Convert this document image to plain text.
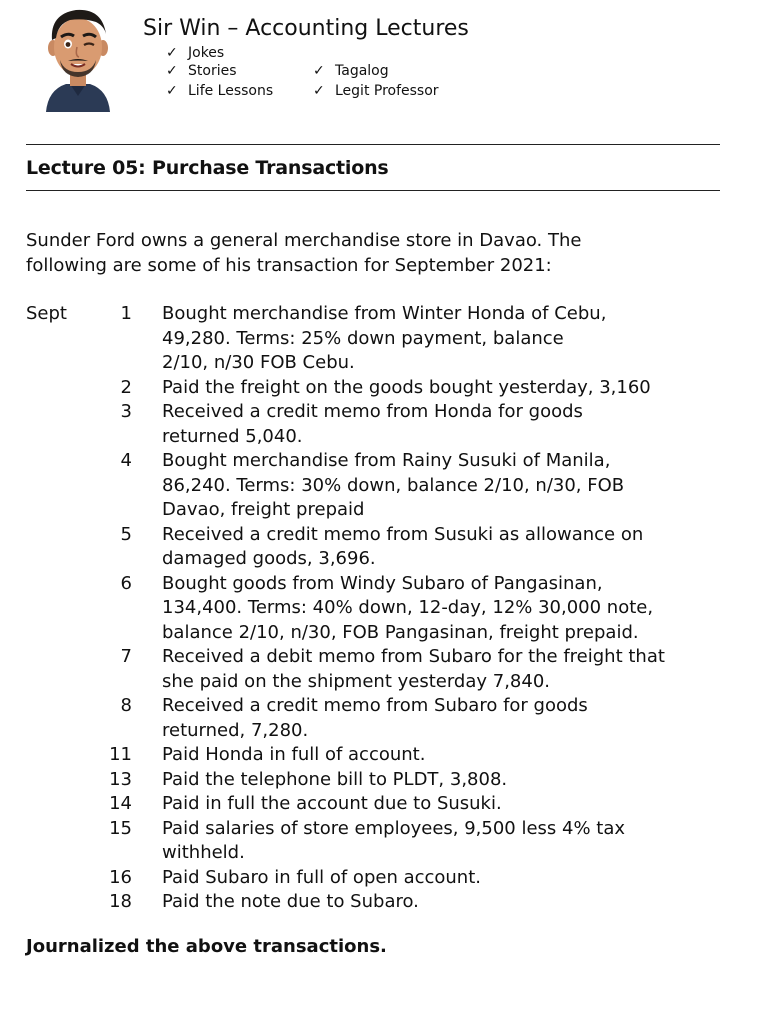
Sir Win – Accounting Lectures
✓ Jokes
✓ Stories
✓ Life Lessons
✓ Tagalog
✓ Legit Professor
Lecture 05: Purchase Transactions
Sunder Ford owns a general merchandise store in Davao. The
following are some of his transaction for September 2021:
Sept	1 Bought merchandise from Winter Honda of Cebu,
49,280. Terms: 25% down payment, balance
2/10, n/30 FOB Cebu.
2 Paid the freight on the goods bought yesterday, 3,160
3 Received a credit memo from Honda for goods
returned 5,040.
4 Bought merchandise from Rainy Susuki of Manila,
86,240. Terms: 30% down, balance 2/10, n/30, FOB
Davao, freight prepaid
5 Received a credit memo from Susuki as allowance on
damaged goods, 3,696.
6 Bought goods from Windy Subaro of Pangasinan,
134,400. Terms: 40% down, 12-day, 12% 30,000 note,
balance 2/10, n/30, FOB Pangasinan, freight prepaid.
7 Received a debit memo from Subaro for the freight that
she paid on the shipment yesterday 7,840.
8 Received a credit memo from Subaro for goods
returned, 7,280.
11 Paid Honda in full of account.
13 Paid the telephone bill to PLDT, 3,808.
14 Paid in full the account due to Susuki.
15 Paid salaries of store employees, 9,500 less 4% tax
withheld.
16 Paid Subaro in full of open account.
18 Paid the note due to Subaro.
Journalized the above transactions.
